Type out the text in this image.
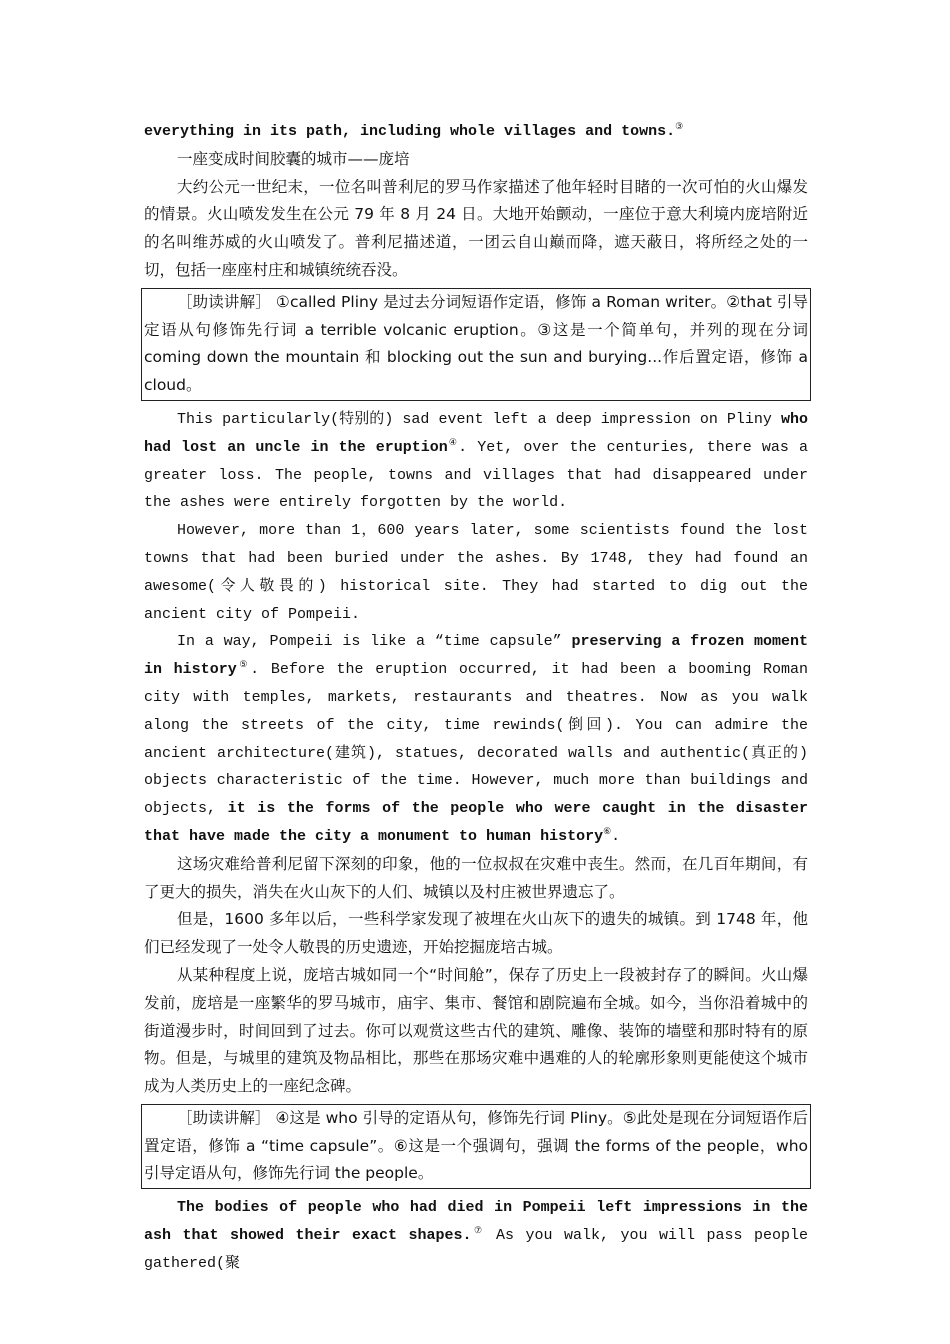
everything in its path, including whole villages and towns.③

一座变成时间胶囊的城市——庞培

大约公元一世纪末，一位名叫普利尼的罗马作家描述了他年轻时目睹的一次可怕的火山爆发的情景。火山喷发发生在公元 79 年 8 月 24 日。大地开始颤动，一座位于意大利境内庞培附近的名叫维苏威的火山喷发了。普利尼描述道，一团云自山巅而降，遮天蔽日，将所经之处的一切，包括一座座村庄和城镇统统吞没。

［助读讲解］ ①called Pliny 是过去分词短语作定语，修饰 a Roman writer。②that 引导定语从句修饰先行词 a terrible volcanic eruption。③这是一个简单句，并列的现在分词 coming down the mountain 和 blocking out the sun and burying...作后置定语，修饰 a cloud。

This particularly(特别的) sad event left a deep impression on Pliny who had lost an uncle in the eruption④. Yet, over the centuries, there was a greater loss. The people, towns and villages that had disappeared under the ashes were entirely forgotten by the world.

However, more than 1，600 years later, some scientists found the lost towns that had been buried under the ashes. By 1748, they had found an awesome(令人敬畏的) historical site. They had started to dig out the ancient city of Pompeii.

In a way, Pompeii is like a “time capsule” preserving a frozen moment in history⑤. Before the eruption occurred, it had been a booming Roman city with temples, markets, restaurants and theatres. Now as you walk along the streets of the city, time rewinds(倒回). You can admire the ancient architecture(建筑), statues, decorated walls and authentic(真正的) objects characteristic of the time. However, much more than buildings and objects, it is the forms of the people who were caught in the disaster that have made the city a monument to human history⑥.

这场灾难给普利尼留下深刻的印象，他的一位叔叔在灾难中丧生。然而，在几百年期间，有了更大的损失，消失在火山灰下的人们、城镇以及村庄被世界遗忘了。

但是，1600 多年以后，一些科学家发现了被埋在火山灰下的遗失的城镇。到 1748 年，他们已经发现了一处令人敬畏的历史遗迹，开始挖掘庞培古城。

从某种程度上说，庞培古城如同一个“时间舱”，保存了历史上一段被封存了的瞬间。火山爆发前，庞培是一座繁华的罗马城市，庙宇、集市、餐馆和剧院遍布全城。如今，当你沿着城中的街道漫步时，时间回到了过去。你可以观赏这些古代的建筑、雕像、装饰的墙壁和那时特有的原物。但是，与城里的建筑及物品相比，那些在那场灾难中遇难的人的轮廓形象则更能使这个城市成为人类历史上的一座纪念碑。

［助读讲解］ ④这是 who 引导的定语从句，修饰先行词 Pliny。⑤此处是现在分词短语作后置定语，修饰 a “time capsule”。⑥这是一个强调句，强调 the forms of the people，who 引导定语从句，修饰先行词 the people。

The bodies of people who had died in Pompeii left impressions in the ash that showed their exact shapes.⑦ As you walk, you will pass people gathered(聚
